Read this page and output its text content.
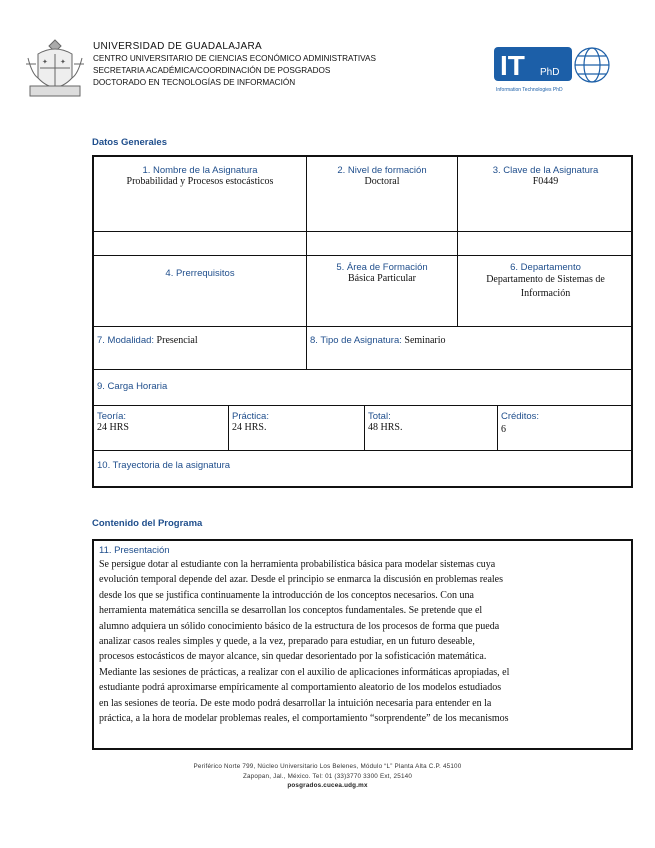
✦ ✦
UNIVERSIDAD DE GUADALAJARA
CENTRO UNIVERSITARIO DE CIENCIAS ECONÓMICO ADMINISTRATIVAS
SECRETARIA ACADÉMICA/COORDINACIÓN DE POSGRADOS
DOCTORADO EN TECNOLOGÍAS DE INFORMACIÓN
IT PhD
Information Technologies PhD
Datos Generales
1. Nombre de la Asignatura
Probabilidad y Procesos estocásticos
2. Nivel de formación
Doctoral
3. Clave de la Asignatura
F0449
4. Prerrequisitos
5. Área de Formación
Básica Particular
6. Departamento
Departamento de Sistemas de Información
7. Modalidad: Presencial	8. Tipo de Asignatura: Seminario
9. Carga Horaria
Teoría:
24 HRS
Práctica:
24 HRS.
Total:
48 HRS.
Créditos:
6
10. Trayectoria de la asignatura
Contenido del Programa
11. Presentación
Se persigue dotar al estudiante con la herramienta probabilística básica para modelar sistemas cuya
evolución temporal depende del azar. Desde el principio se enmarca la discusión en problemas reales
desde los que se justifica continuamente la introducción de los conceptos necesarios. Con una
herramienta matemática sencilla se desarrollan los conceptos fundamentales. Se pretende que el
alumno adquiera un sólido conocimiento básico de la estructura de los procesos de forma que pueda
analizar casos reales simples y quede, a la vez, preparado para estudiar, en un futuro deseable,
procesos estocásticos de mayor alcance, sin quedar desorientado por la sofisticación matemática.
Mediante las sesiones de prácticas, a realizar con el auxilio de aplicaciones informáticas apropiadas, el
estudiante podrá aproximarse empíricamente al comportamiento aleatorio de los modelos estudiados
en las sesiones de teoría. De este modo podrá desarrollar la intuición necesaria para entender en la
práctica, a la hora de modelar problemas reales, el comportamiento “sorprendente” de los mecanismos
Periférico Norte 799, Núcleo Universitario Los Belenes, Módulo “L” Planta Alta C.P. 45100
Zapopan, Jal., México. Tel: 01 (33)3770 3300 Ext, 25140
posgrados.cucea.udg.mx
